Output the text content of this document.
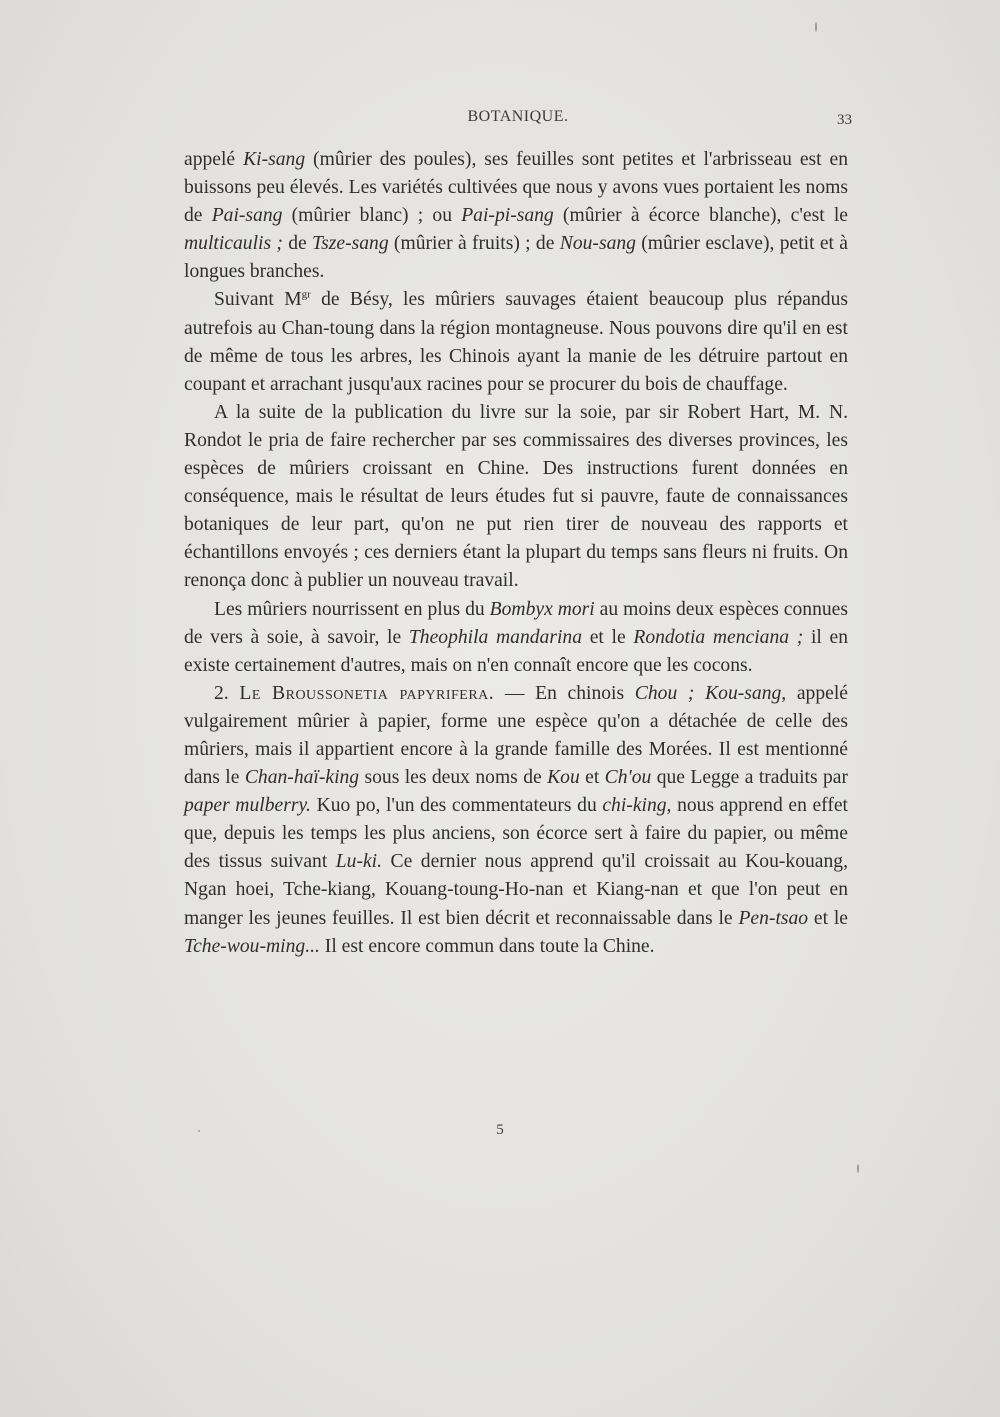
BOTANIQUE.	33

appelé Ki-sang (mûrier des poules), ses feuilles sont petites et l'arbrisseau est en buissons peu élevés. Les variétés cultivées que nous y avons vues portaient les noms de Pai-sang (mûrier blanc) ; ou Pai-pi-sang (mûrier à écorce blanche), c'est le multicaulis ; de Tsze-sang (mûrier à fruits) ; de Nou-sang (mûrier esclave), petit et à longues branches.

Suivant $M^{gr}$ de Bésy, les mûriers sauvages étaient beaucoup plus répandus autrefois au Chan-toung dans la région montagneuse. Nous pouvons dire qu'il en est de même de tous les arbres, les Chinois ayant la manie de les détruire partout en coupant et arrachant jusqu'aux racines pour se procurer du bois de chauffage.

A la suite de la publication du livre sur la soie, par sir Robert Hart, M. N. Rondot le pria de faire rechercher par ses commissaires des diverses provinces, les espèces de mûriers croissant en Chine. Des instructions furent données en conséquence, mais le résultat de leurs études fut si pauvre, faute de connaissances botaniques de leur part, qu'on ne put rien tirer de nouveau des rapports et échantillons envoyés ; ces derniers étant la plupart du temps sans fleurs ni fruits. On renonça donc à publier un nouveau travail.

Les mûriers nourrissent en plus du Bombyx mori au moins deux espèces connues de vers à soie, à savoir, le Theophila mandarina et le Rondotia menciana ; il en existe certainement d'autres, mais on n'en connaît encore que les cocons.

2. Le Broussonetia papyrifera. — En chinois Chou ; Kou-sang, appelé vulgairement mûrier à papier, forme une espèce qu'on a détachée de celle des mûriers, mais il appartient encore à la grande famille des Morées. Il est mentionné dans le Chan-haï-king sous les deux noms de Kou et Ch'ou que Legge a traduits par paper mulberry. Kuo po, l'un des commentateurs du chi-king, nous apprend en effet que, depuis les temps les plus anciens, son écorce sert à faire du papier, ou même des tissus suivant Lu-ki. Ce dernier nous apprend qu'il croissait au Kou-kouang, Ngan hoei, Tche-kiang, Kouang-toung-Ho-nan et Kiang-nan et que l'on peut en manger les jeunes feuilles. Il est bien décrit et reconnaissable dans le Pen-tsao et le Tche-wou-ming... Il est encore commun dans toute la Chine.

5
